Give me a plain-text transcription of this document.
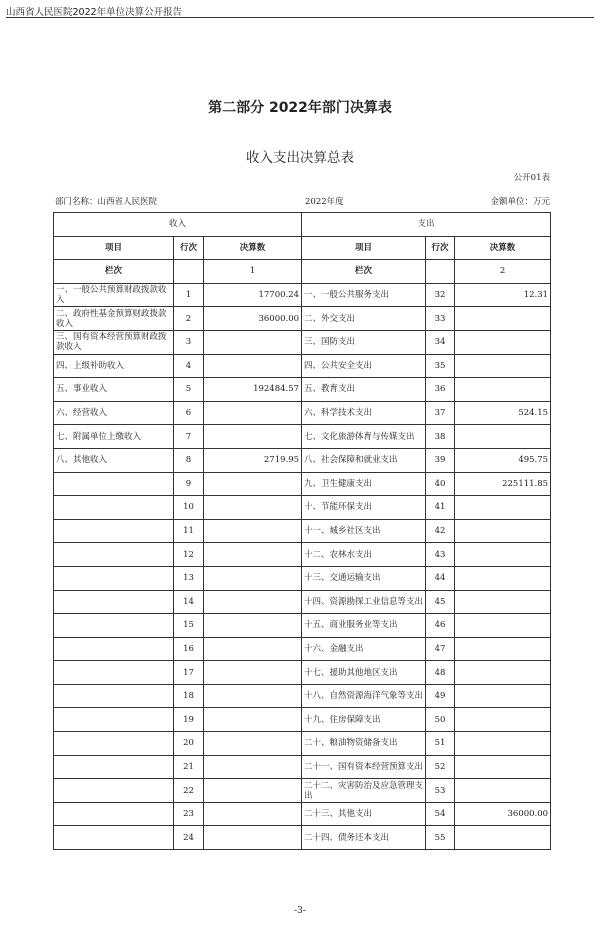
山西省人民医院2022年单位决算公开报告
第二部分 2022年部门决算表
收入支出决算总表
公开01表
部门名称：山西省人民医院	2022年度	金额单位：万元
收入			支出		
项目	行次	决算数	项目	行次	决算数
栏次		1	栏次		2
一、一般公共预算财政拨款收入	1	17700.24	一、一般公共服务支出	32	12.31
二、政府性基金预算财政拨款收入	2	36000.00	二、外交支出	33	
三、国有资本经营预算财政拨款收入	3		三、国防支出	34	
四、上级补助收入	4		四、公共安全支出	35	
五、事业收入	5	192484.57	五、教育支出	36	
六、经营收入	6		六、科学技术支出	37	524.15
七、附属单位上缴收入	7		七、文化旅游体育与传媒支出	38	
八、其他收入	8	2719.95	八、社会保障和就业支出	39	495.75
	9		九、卫生健康支出	40	225111.85
	10		十、节能环保支出	41	
	11		十一、城乡社区支出	42	
	12		十二、农林水支出	43	
	13		十三、交通运输支出	44	
	14		十四、资源勘探工业信息等支出	45	
	15		十五、商业服务业等支出	46	
	16		十六、金融支出	47	
	17		十七、援助其他地区支出	48	
	18		十八、自然资源海洋气象等支出	49	
	19		十九、住房保障支出	50	
	20		二十、粮油物资储备支出	51	
	21		二十一、国有资本经营预算支出	52	
	22		二十二、灾害防治及应急管理支出	53	
	23		二十三、其他支出	54	36000.00
	24		二十四、债务还本支出	55	
-3-
